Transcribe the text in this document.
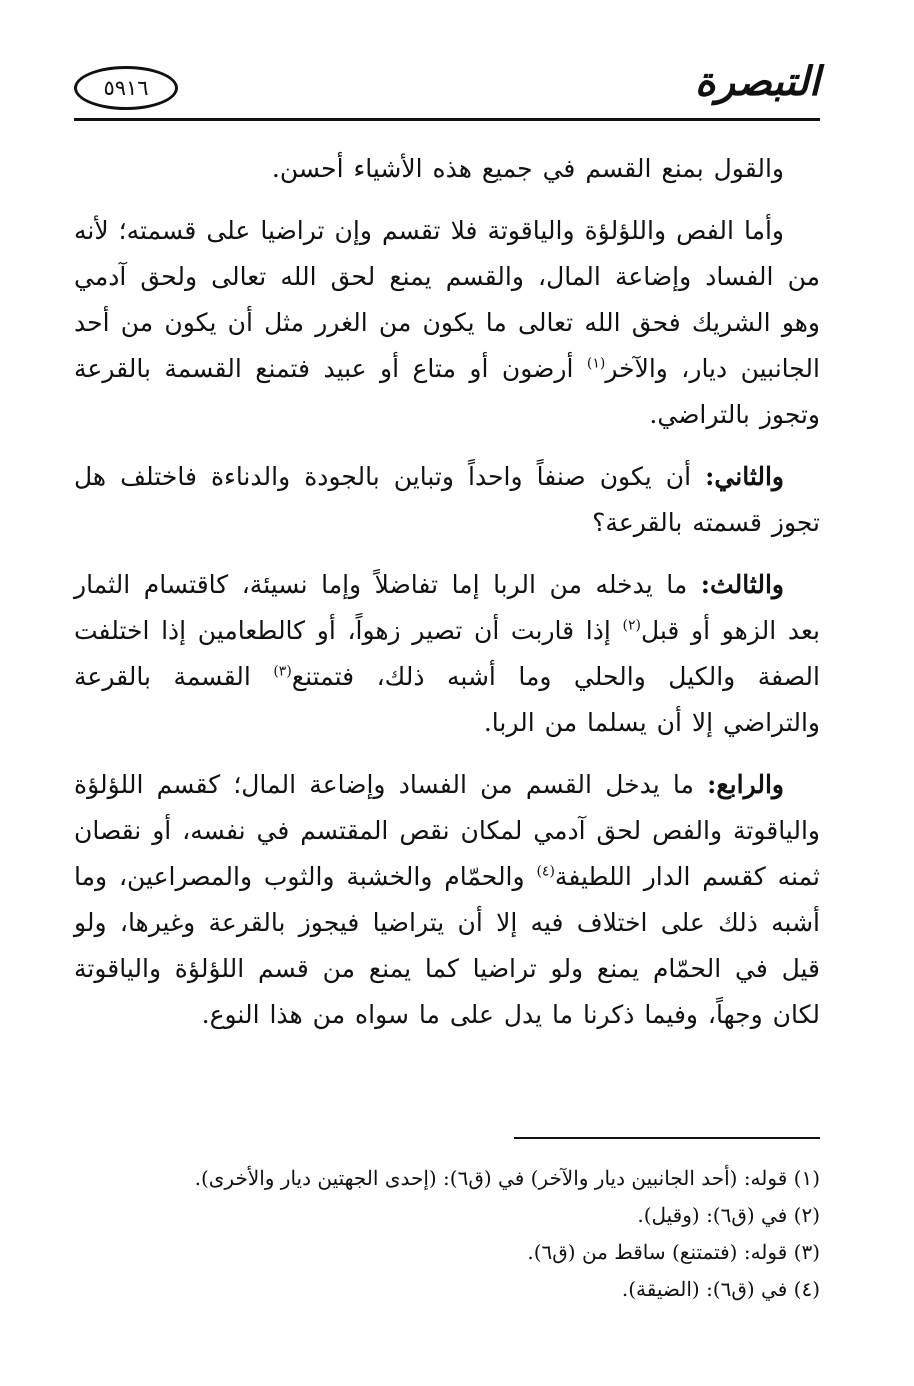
التبصرة
٥٩١٦

والقول بمنع القسم في جميع هذه الأشياء أحسن.

وأما الفص واللؤلؤة والياقوتة فلا تقسم وإن تراضيا على قسمته؛ لأنه من الفساد وإضاعة المال، والقسم يمنع لحق الله تعالى ولحق آدمي وهو الشريك فحق الله تعالى ما يكون من الغرر مثل أن يكون من أحد الجانبين ديار، والآخر$^{(١)}$ أرضون أو متاع أو عبيد فتمنع القسمة بالقرعة وتجوز بالتراضي.

والثاني: أن يكون صنفاً واحداً وتباين بالجودة والدناءة فاختلف هل تجوز قسمته بالقرعة؟

والثالث: ما يدخله من الربا إما تفاضلاً وإما نسيئة، كاقتسام الثمار بعد الزهو أو قبل$^{(٢)}$ إذا قاربت أن تصير زهواً، أو كالطعامين إذا اختلفت الصفة والكيل والحلي وما أشبه ذلك، فتمتنع$^{(٣)}$ القسمة بالقرعة والتراضي إلا أن يسلما من الربا.

والرابع: ما يدخل القسم من الفساد وإضاعة المال؛ كقسم اللؤلؤة والياقوتة والفص لحق آدمي لمكان نقص المقتسم في نفسه، أو نقصان ثمنه كقسم الدار اللطيفة$^{(٤)}$ والحمّام والخشبة والثوب والمصراعين، وما أشبه ذلك على اختلاف فيه إلا أن يتراضيا فيجوز بالقرعة وغيرها، ولو قيل في الحمّام يمنع ولو تراضيا كما يمنع من قسم اللؤلؤة والياقوتة لكان وجهاً، وفيما ذكرنا ما يدل على ما سواه من هذا النوع.

(١) قوله: (أحد الجانبين ديار والآخر) في (ق٦): (إحدى الجهتين ديار والأخرى).

(٢) في (ق٦): (وقيل).

(٣) قوله: (فتمتنع) ساقط من (ق٦).

(٤) في (ق٦): (الضيقة).
